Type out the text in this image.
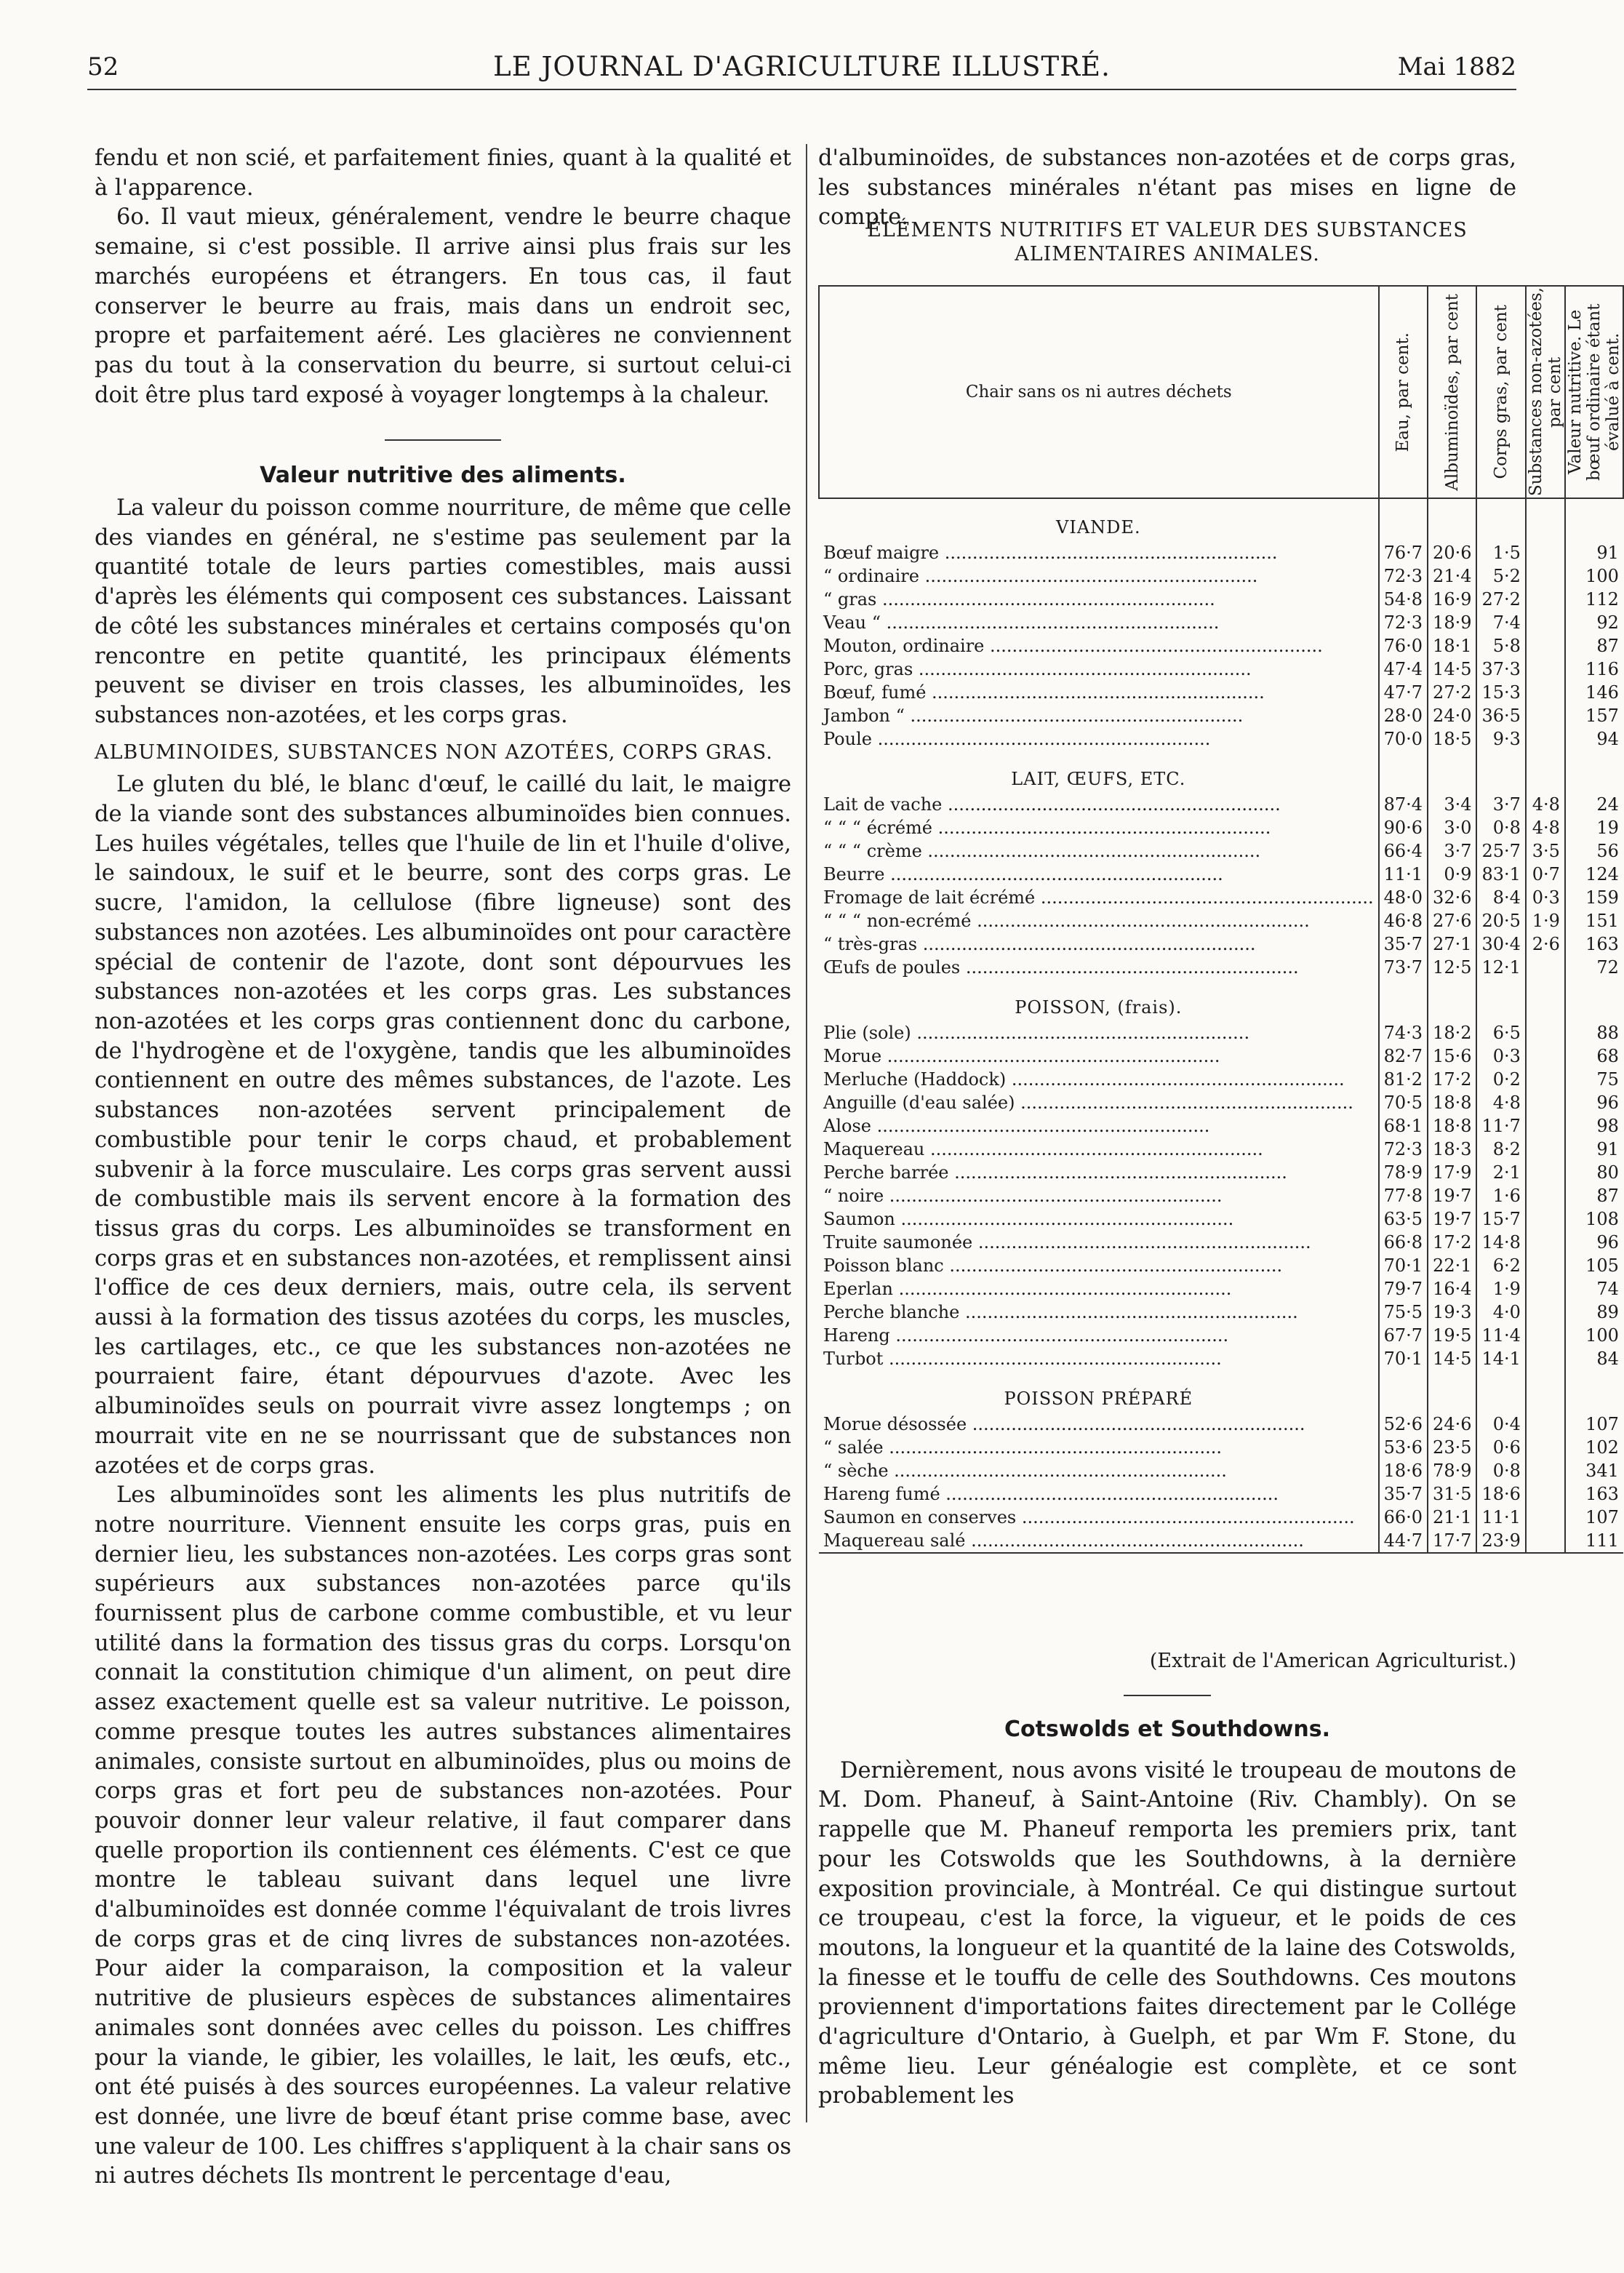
52	LE JOURNAL D'AGRICULTURE ILLUSTRÉ.	Mai 1882

fendu et non scié, et parfaitement finies, quant à la qualité et à l'apparence.

6o. Il vaut mieux, généralement, vendre le beurre chaque semaine, si c'est possible. Il arrive ainsi plus frais sur les marchés européens et étrangers. En tous cas, il faut conserver le beurre au frais, mais dans un endroit sec, propre et parfaitement aéré. Les glacières ne conviennent pas du tout à la conservation du beurre, si surtout celui-ci doit être plus tard exposé à voyager longtemps à la chaleur.

Valeur nutritive des aliments.

La valeur du poisson comme nourriture, de même que celle des viandes en général, ne s'estime pas seulement par la quantité totale de leurs parties comestibles, mais aussi d'après les éléments qui composent ces substances. Laissant de côté les substances minérales et certains composés qu'on rencontre en petite quantité, les principaux éléments peuvent se diviser en trois classes, les albuminoïdes, les substances non-azotées, et les corps gras.

ALBUMINOIDES, SUBSTANCES NON AZOTÉES, CORPS GRAS.

Le gluten du blé, le blanc d'œuf, le caillé du lait, le maigre de la viande sont des substances albuminoïdes bien connues. Les huiles végétales, telles que l'huile de lin et l'huile d'olive, le saindoux, le suif et le beurre, sont des corps gras. Le sucre, l'amidon, la cellulose (fibre ligneuse) sont des substances non azotées. Les albuminoïdes ont pour caractère spécial de contenir de l'azote, dont sont dépourvues les substances non-azotées et les corps gras. Les substances non-azotées et les corps gras contiennent donc du carbone, de l'hydrogène et de l'oxygène, tandis que les albuminoïdes contiennent en outre des mêmes substances, de l'azote. Les substances non-azotées servent principalement de combustible pour tenir le corps chaud, et probablement subvenir à la force musculaire. Les corps gras servent aussi de combustible mais ils servent encore à la formation des tissus gras du corps. Les albuminoïdes se transforment en corps gras et en substances non-azotées, et remplissent ainsi l'office de ces deux derniers, mais, outre cela, ils servent aussi à la formation des tissus azotées du corps, les muscles, les cartilages, etc., ce que les substances non-azotées ne pourraient faire, étant dépourvues d'azote. Avec les albuminoïdes seuls on pourrait vivre assez longtemps ; on mourrait vite en ne se nourrissant que de substances non azotées et de corps gras.

Les albuminoïdes sont les aliments les plus nutritifs de notre nourriture. Viennent ensuite les corps gras, puis en dernier lieu, les substances non-azotées. Les corps gras sont supérieurs aux substances non-azotées parce qu'ils fournissent plus de carbone comme combustible, et vu leur utilité dans la formation des tissus gras du corps. Lorsqu'on connait la constitution chimique d'un aliment, on peut dire assez exactement quelle est sa valeur nutritive. Le poisson, comme presque toutes les autres substances alimentaires animales, consiste surtout en albuminoïdes, plus ou moins de corps gras et fort peu de substances non-azotées. Pour pouvoir donner leur valeur relative, il faut comparer dans quelle proportion ils contiennent ces éléments. C'est ce que montre le tableau suivant dans lequel une livre d'albuminoïdes est donnée comme l'équivalant de trois livres de corps gras et de cinq livres de substances non-azotées. Pour aider la comparaison, la composition et la valeur nutritive de plusieurs espèces de substances alimentaires animales sont données avec celles du poisson. Les chiffres pour la viande, le gibier, les volailles, le lait, les œufs, etc., ont été puisés à des sources européennes. La valeur relative est donnée, une livre de bœuf étant prise comme base, avec une valeur de 100. Les chiffres s'appliquent à la chair sans os ni autres déchets Ils montrent le percentage d'eau,

d'albuminoïdes, de substances non-azotées et de corps gras, les substances minérales n'étant pas mises en ligne de compte.

ÉLÉMENTS NUTRITIFS ET VALEUR DES SUBSTANCES ALIMENTAIRES ANIMALES.
Chair sans os ni autres déchets	Eau, par cent.	Albuminoïdes, par cent	Corps gras, par cent	Substances non-azotées, par cent	Valeur nutritive. Le bœuf ordinaire étant évalué à cent.

VIANDE.					
Bœuf maigre ............................................................	76·7	20·6	1·5		91
“ ordinaire ............................................................	72·3	21·4	5·2		100
“ gras ............................................................	54·8	16·9	27·2		112
Veau “ ............................................................	72·3	18·9	7·4		92
Mouton, ordinaire ............................................................	76·0	18·1	5·8		87
Porc, gras ............................................................	47·4	14·5	37·3		116
Bœuf, fumé ............................................................	47·7	27·2	15·3		146
Jambon “ ............................................................	28·0	24·0	36·5		157
Poule ............................................................	70·0	18·5	9·3		94
LAIT, ŒUFS, ETC.					
Lait de vache ............................................................	87·4	3·4	3·7	4·8	24
“ “ “ écrémé ............................................................	90·6	3·0	0·8	4·8	19
“ “ “ crème ............................................................	66·4	3·7	25·7	3·5	56
Beurre ............................................................	11·1	0·9	83·1	0·7	124
Fromage de lait écrémé ............................................................	48·0	32·6	8·4	0·3	159
“ “ “ non-ecrémé ............................................................	46·8	27·6	20·5	1·9	151
“ très-gras ............................................................	35·7	27·1	30·4	2·6	163
Œufs de poules ............................................................	73·7	12·5	12·1		72
POISSON, (frais).					
Plie (sole) ............................................................	74·3	18·2	6·5		88
Morue ............................................................	82·7	15·6	0·3		68
Merluche (Haddock) ............................................................	81·2	17·2	0·2		75
Anguille (d'eau salée) ............................................................	70·5	18·8	4·8		96
Alose ............................................................	68·1	18·8	11·7		98
Maquereau ............................................................	72·3	18·3	8·2		91
Perche barrée ............................................................	78·9	17·9	2·1		80
“ noire ............................................................	77·8	19·7	1·6		87
Saumon ............................................................	63·5	19·7	15·7		108
Truite saumonée ............................................................	66·8	17·2	14·8		96
Poisson blanc ............................................................	70·1	22·1	6·2		105
Eperlan ............................................................	79·7	16·4	1·9		74
Perche blanche ............................................................	75·5	19·3	4·0		89
Hareng ............................................................	67·7	19·5	11·4		100
Turbot ............................................................	70·1	14·5	14·1		84
POISSON PRÉPARÉ					
Morue désossée ............................................................	52·6	24·6	0·4		107
“ salée ............................................................	53·6	23·5	0·6		102
“ sèche ............................................................	18·6	78·9	0·8		341
Hareng fumé ............................................................	35·7	31·5	18·6		163
Saumon en conserves ............................................................	66·0	21·1	11·1		107
Maquereau salé ............................................................	44·7	17·7	23·9		111
(Extrait de l'American Agriculturist.)
Cotswolds et Southdowns.

Dernièrement, nous avons visité le troupeau de moutons de M. Dom. Phaneuf, à Saint-Antoine (Riv. Chambly). On se rappelle que M. Phaneuf remporta les premiers prix, tant pour les Cotswolds que les Southdowns, à la dernière exposition provinciale, à Montréal. Ce qui distingue surtout ce troupeau, c'est la force, la vigueur, et le poids de ces moutons, la longueur et la quantité de la laine des Cotswolds, la finesse et le touffu de celle des Southdowns. Ces moutons proviennent d'importations faites directement par le Collége d'agriculture d'Ontario, à Guelph, et par Wm F. Stone, du même lieu. Leur généalogie est complète, et ce sont probablement les
